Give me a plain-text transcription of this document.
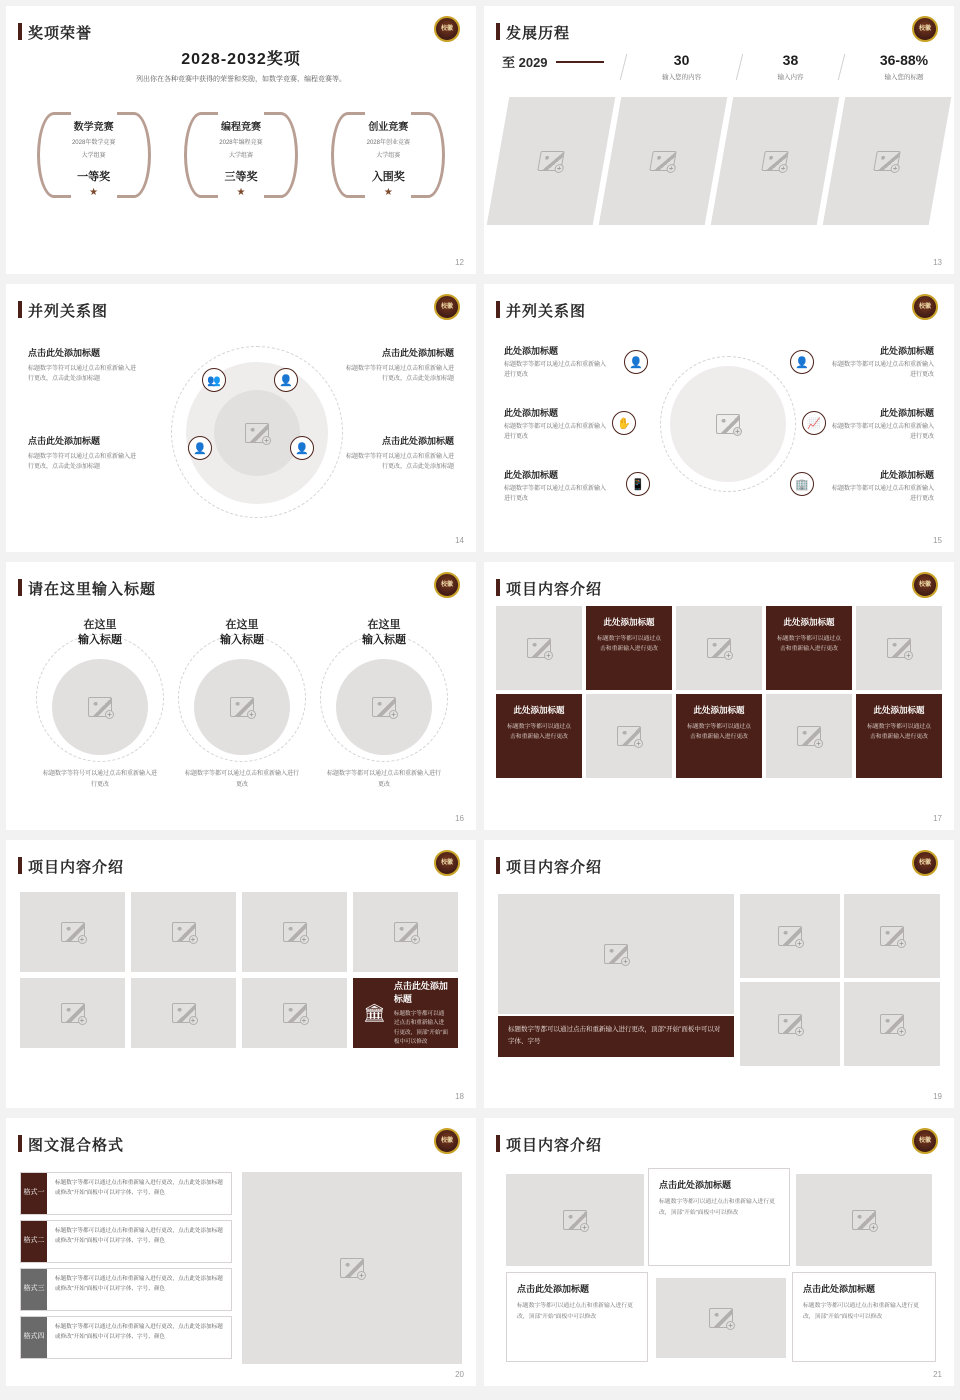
奖项荣誉	校徽
2028-2032奖项
列出你在各种竞赛中获得的荣誉和奖励，如数学竞赛、编程竞赛等。
数学竞赛
2028年数学竞赛
大学组赛
一等奖
★
编程竞赛
2028年编程竞赛
大学组赛
三等奖
★
创业竞赛
2028年创业竞赛
大学组赛
入围奖
★
12
发展历程	校徽
至 2029	30
输入您的内容
38
输入内容
36-88%
输入您的标题
+
+
+
+
13
并列关系图	校徽
+
👥	👤
👤	👤
点击此处添加标题
标题数字等符可以通过点击和重新输入进行更改，点击此处添加标题
点击此处添加标题
标题数字等符可以通过点击和重新输入进行更改，点击此处添加标题
点击此处添加标题
标题数字等符可以通过点击和重新输入进行更改，点击此处添加标题
点击此处添加标题
标题数字等符可以通过点击和重新输入进行更改，点击此处添加标题
14
并列关系图	校徽
+
👤
✋
📱
👤
📈
🏢
此处添加标题
标题数字等都可以通过点击和重新输入进行更改
此处添加标题
标题数字等都可以通过点击和重新输入进行更改
此处添加标题
标题数字等都可以通过点击和重新输入进行更改
此处添加标题
标题数字等都可以通过点击和重新输入进行更改
此处添加标题
标题数字等都可以通过点击和重新输入进行更改
此处添加标题
标题数字等都可以通过点击和重新输入进行更改
15
请在这里输入标题	校徽
在这里
输入标题
+
标题数字等符号可以通过点击和重新输入进行更改
在这里
输入标题
+
标题数字等都可以通过点击和重新输入进行更改
在这里
输入标题
+
标题数字等都可以通过点击和重新输入进行更改
16
项目内容介绍	校徽
+
此处添加标题
标题数字等都可以通过点击和重新输入进行更改
+
此处添加标题
标题数字等都可以通过点击和重新输入进行更改
+
此处添加标题
标题数字等都可以通过点击和重新输入进行更改
+
此处添加标题
标题数字等都可以通过点击和重新输入进行更改
+
此处添加标题
标题数字等都可以通过点击和重新输入进行更改
17
项目内容介绍	校徽
+
+
+
+
+
+
+
🏛
点击此处添加标题
标题数字等都可以通过点击和重新输入进行更改，顶部“开始”面板中可以修改
18
项目内容介绍	校徽
+
标题数字等都可以通过点击和重新输入进行更改，顶部“开始”面板中可以对字体、字号
+
+
+
+
19
图文混合格式	校徽
格式一
标题数字等都可以通过点击和重新输入进行更改，点击此处添加标题或修改“开始”面板中可以对字体、字号、颜色
格式二
标题数字等都可以通过点击和重新输入进行更改，点击此处添加标题或修改“开始”面板中可以对字体、字号、颜色
格式三
标题数字等都可以通过点击和重新输入进行更改，点击此处添加标题或修改“开始”面板中可以对字体、字号、颜色
格式四
标题数字等都可以通过点击和重新输入进行更改，点击此处添加标题或修改“开始”面板中可以对字体、字号、颜色
+
20
项目内容介绍	校徽
+
点击此处添加标题
标题数字等都可以通过点击和重新输入进行更改，顶部“开始”面板中可以修改
+
点击此处添加标题
标题数字等都可以通过点击和重新输入进行更改，顶部“开始”面板中可以修改
+
点击此处添加标题
标题数字等都可以通过点击和重新输入进行更改，顶部“开始”面板中可以修改
21
